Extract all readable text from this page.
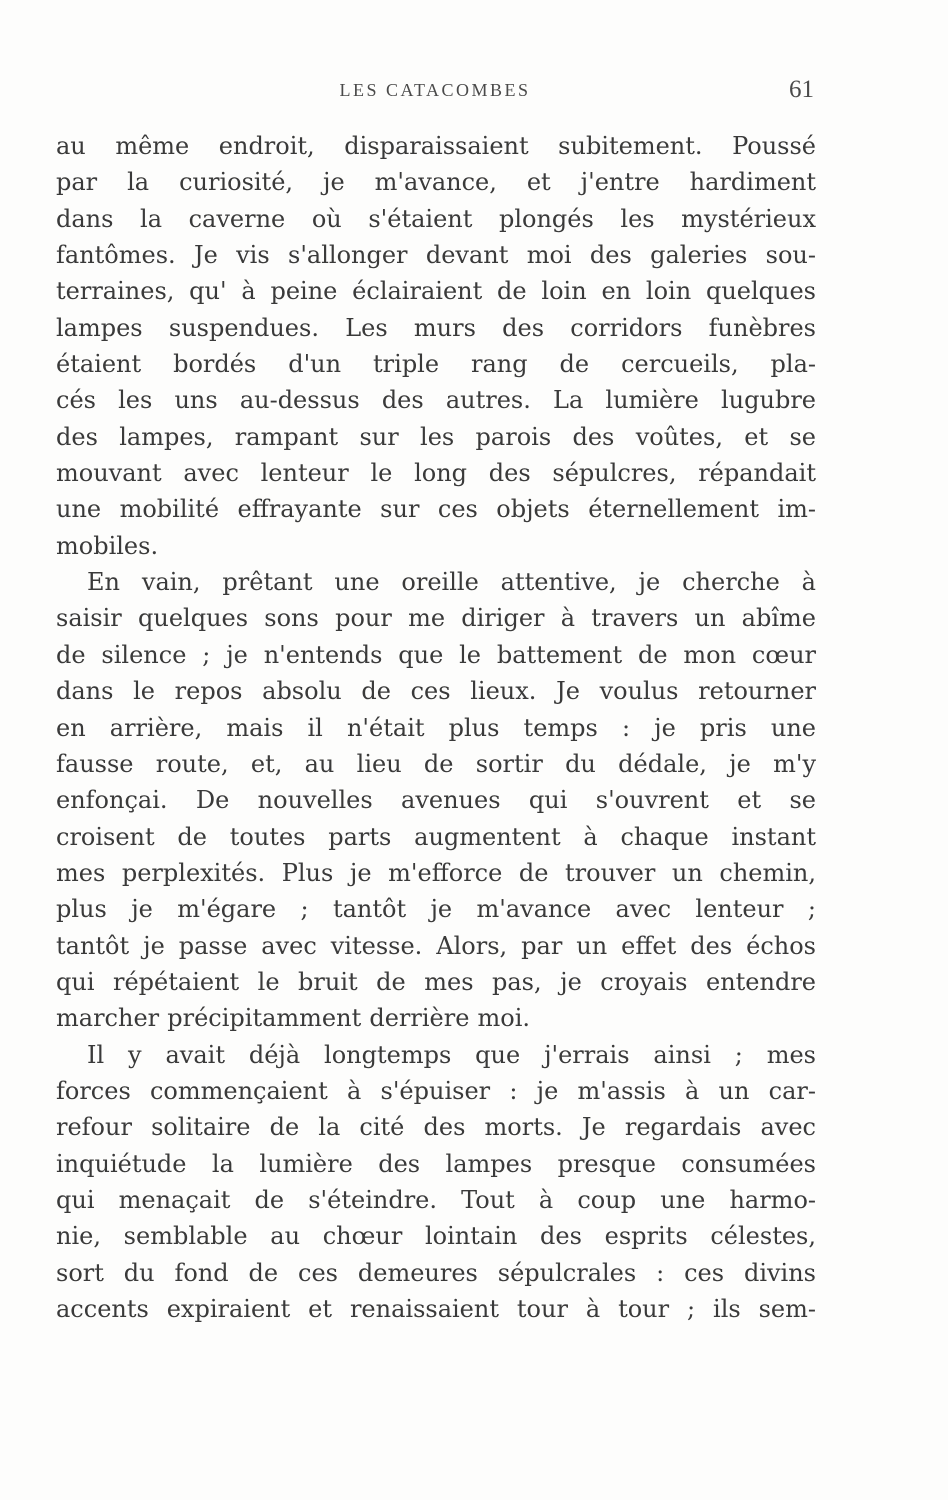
LES CATACOMBES	61
au même endroit, disparaissaient subitement. Poussé
par la curiosité, je m'avance, et j'entre hardiment
dans la caverne où s'étaient plongés les mystérieux
fantômes. Je vis s'allonger devant moi des galeries sou-
terraines, qu' à peine éclairaient de loin en loin quelques
lampes suspendues. Les murs des corridors funèbres
étaient bordés d'un triple rang de cercueils, pla-
cés les uns au-dessus des autres. La lumière lugubre
des lampes, rampant sur les parois des voûtes, et se
mouvant avec lenteur le long des sépulcres, répandait
une mobilité effrayante sur ces objets éternellement im-
mobiles.
En vain, prêtant une oreille attentive, je cherche à
saisir quelques sons pour me diriger à travers un abîme
de silence ; je n'entends que le battement de mon cœur
dans le repos absolu de ces lieux. Je voulus retourner
en arrière, mais il n'était plus temps : je pris une
fausse route, et, au lieu de sortir du dédale, je m'y
enfonçai. De nouvelles avenues qui s'ouvrent et se
croisent de toutes parts augmentent à chaque instant
mes perplexités. Plus je m'efforce de trouver un chemin,
plus je m'égare ; tantôt je m'avance avec lenteur ;
tantôt je passe avec vitesse. Alors, par un effet des échos
qui répétaient le bruit de mes pas, je croyais entendre
marcher précipitamment derrière moi.
Il y avait déjà longtemps que j'errais ainsi ; mes
forces commençaient à s'épuiser : je m'assis à un car-
refour solitaire de la cité des morts. Je regardais avec
inquiétude la lumière des lampes presque consumées
qui menaçait de s'éteindre. Tout à coup une harmo-
nie, semblable au chœur lointain des esprits célestes,
sort du fond de ces demeures sépulcrales : ces divins
accents expiraient et renaissaient tour à tour ; ils sem-
